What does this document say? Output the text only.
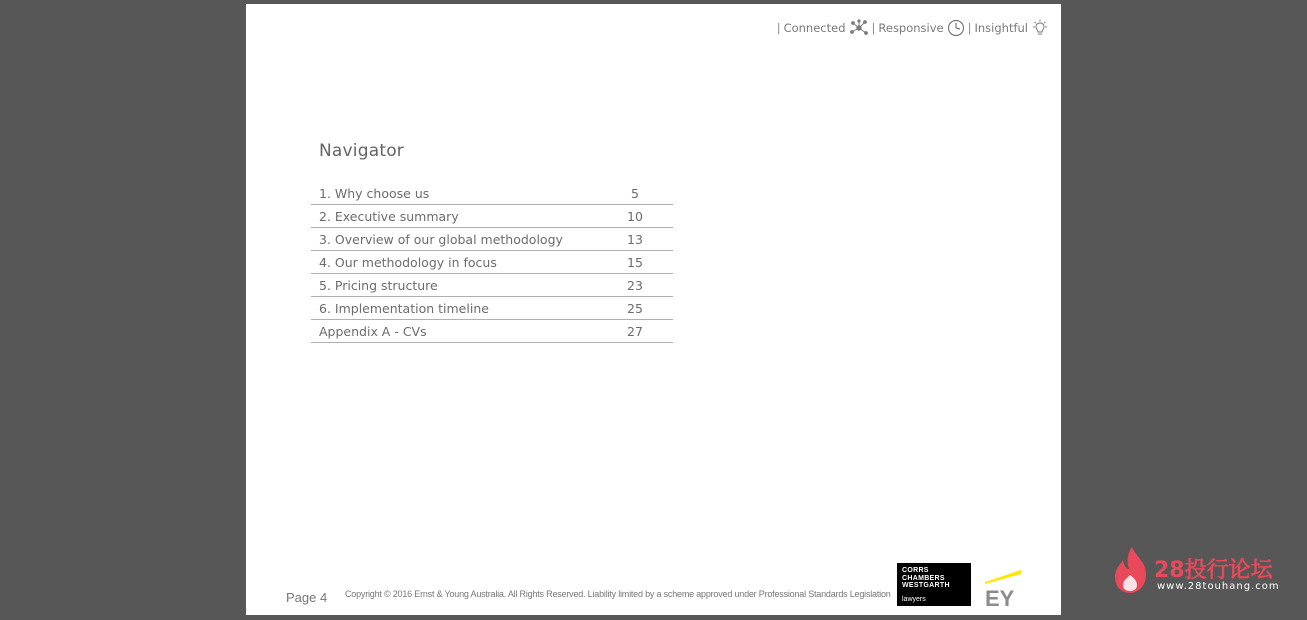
| Connected | Responsive | Insightful
Navigator
1. Why choose us	5
2. Executive summary	10
3. Overview of our global methodology	13
4. Our methodology in focus	15
5. Pricing structure	23
6. Implementation timeline	25
Appendix A - CVs	27
Page 4 Copyright © 2016 Ernst & Young Australia. All Rights Reserved. Liability limited by a scheme approved under Professional Standards Legislation
CORRS
CHAMBERS
WESTGARTH
lawyers	EY
28投行论坛
www.28touhang.com
